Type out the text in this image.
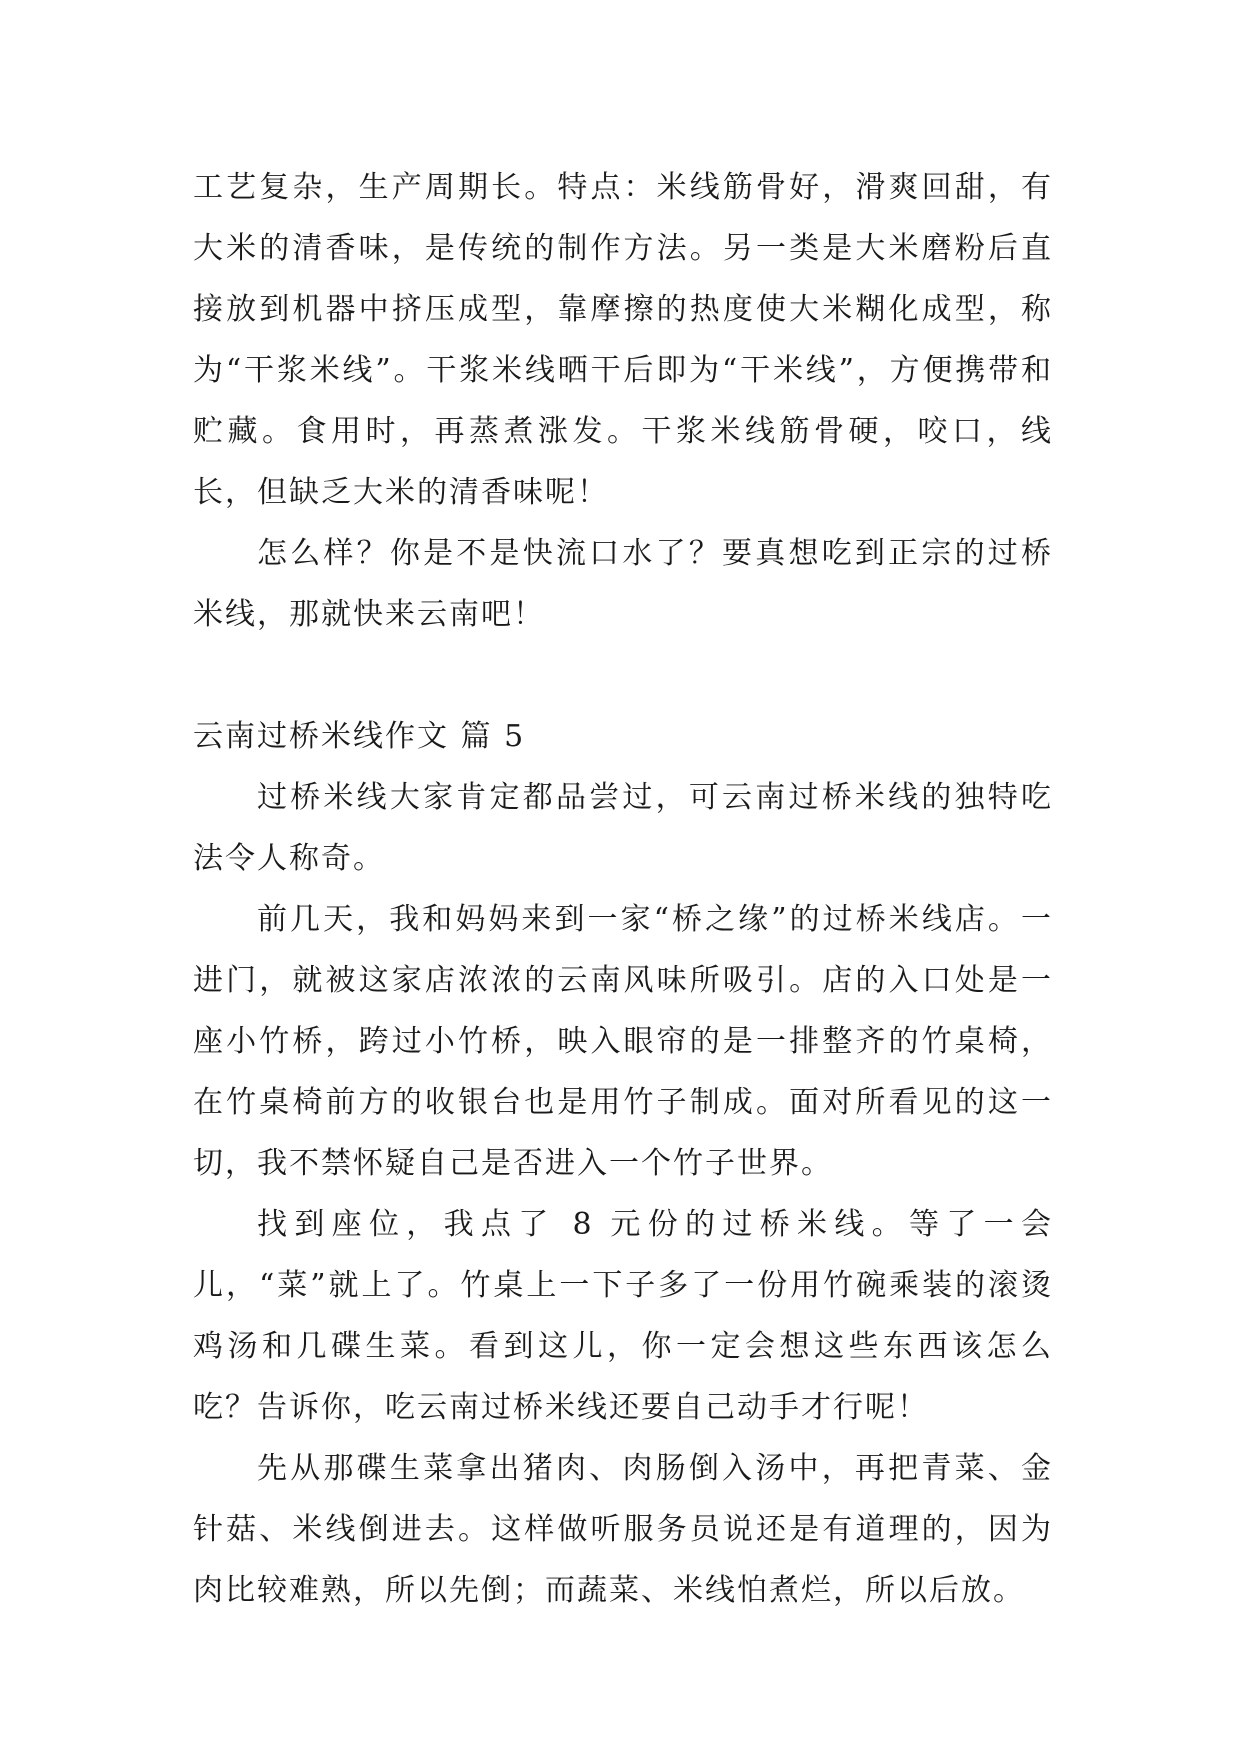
工艺复杂，生产周期长。特点：米线筋骨好，滑爽回甜，有大米的清香味，是传统的制作方法。另一类是大米磨粉后直接放到机器中挤压成型，靠摩擦的热度使大米糊化成型，称为“干浆米线”。干浆米线晒干后即为“干米线”，方便携带和贮藏。食用时，再蒸煮涨发。干浆米线筋骨硬，咬口，线长，但缺乏大米的清香味呢！

怎么样？你是不是快流口水了？要真想吃到正宗的过桥米线，那就快来云南吧！

云南过桥米线作文 篇 5

过桥米线大家肯定都品尝过，可云南过桥米线的独特吃法令人称奇。

前几天，我和妈妈来到一家“桥之缘”的过桥米线店。一进门，就被这家店浓浓的云南风味所吸引。店的入口处是一座小竹桥，跨过小竹桥，映入眼帘的是一排整齐的竹桌椅，在竹桌椅前方的收银台也是用竹子制成。面对所看见的这一切，我不禁怀疑自己是否进入一个竹子世界。

找到座位，我点了 8 元份的过桥米线。等了一会儿，“菜”就上了。竹桌上一下子多了一份用竹碗乘装的滚烫鸡汤和几碟生菜。看到这儿，你一定会想这些东西该怎么吃？告诉你，吃云南过桥米线还要自己动手才行呢！

先从那碟生菜拿出猪肉、肉肠倒入汤中，再把青菜、金针菇、米线倒进去。这样做听服务员说还是有道理的，因为肉比较难熟，所以先倒；而蔬菜、米线怕煮烂，所以后放。
